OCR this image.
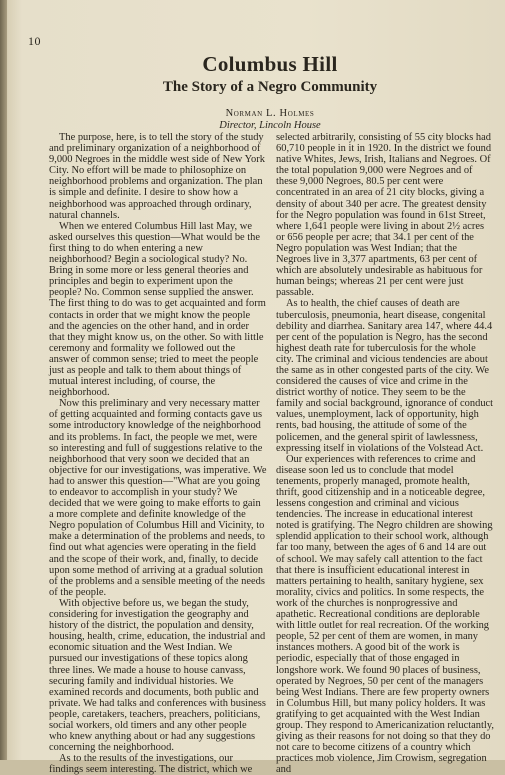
10
Columbus Hill
The Story of a Negro Community
Norman L. Holmes
Director, Lincoln House

The purpose, here, is to tell the story of the study and preliminary organization of a neighborhood of 9,000 Negroes in the middle west side of New York City. No effort will be made to philosophize on neighborhood problems and organization. The plan is simple and definite. I desire to show how a neighborhood was approached through ordinary, natural channels.

When we entered Columbus Hill last May, we asked ourselves this question—What would be the first thing to do when entering a new neighborhood? Begin a sociological study? No. Bring in some more or less general theories and principles and begin to experiment upon the people? No. Common sense supplied the answer. The first thing to do was to get acquainted and form contacts in order that we might know the people and the agencies on the other hand, and in order that they might know us, on the other. So with little ceremony and formality we followed out the answer of common sense; tried to meet the people just as people and talk to them about things of mutual interest including, of course, the neighborhood.

Now this preliminary and very necessary matter of getting acquainted and forming contacts gave us some introductory knowledge of the neighborhood and its problems. In fact, the people we met, were so interesting and full of suggestions relative to the neighborhood that very soon we decided that an objective for our investigations, was imperative. We had to answer this question—"What are you going to endeavor to accomplish in your study? We decided that we were going to make efforts to gain a more complete and definite knowledge of the Negro population of Columbus Hill and Vicinity, to make a determination of the problems and needs, to find out what agencies were operating in the field and the scope of their work, and, finally, to decide upon some method of arriving at a gradual solution of the problems and a sensible meeting of the needs of the people.

With objective before us, we began the study, considering for investigation the geography and history of the district, the population and density, housing, health, crime, education, the industrial and economic situation and the West Indian. We pursued our investigations of these topics along three lines. We made a house to house canvass, securing family and individual histories. We examined records and documents, both public and private. We had talks and conferences with business people, caretakers, teachers, preachers, politicians, social workers, old timers and any other people who knew anything about or had any suggestions concerning the neighborhood.

As to the results of the investigations, our findings seem interesting. The district, which we

selected arbitrarily, consisting of 55 city blocks had 60,710 people in it in 1920. In the district we found native Whites, Jews, Irish, Italians and Negroes. Of the total population 9,000 were Negroes and of these 9,000 Negroes, 80.5 per cent were concentrated in an area of 21 city blocks, giving a density of about 340 per acre. The greatest density for the Negro population was found in 61st Street, where 1,641 people were living in about 2½ acres or 656 people per acre; that 34.1 per cent of the Negro population was West Indian; that the Negroes live in 3,377 apartments, 63 per cent of which are absolutely undesirable as habituous for human beings; whereas 21 per cent were just passable.

As to health, the chief causes of death are tuberculosis, pneumonia, heart disease, congenital debility and diarrhea. Sanitary area 147, where 44.4 per cent of the population is Negro, has the second highest death rate for tuberculosis for the whole city. The criminal and vicious tendencies are about the same as in other congested parts of the city. We considered the causes of vice and crime in the district worthy of notice. They seem to be the family and social background, ignorance of conduct values, unemployment, lack of opportunity, high rents, bad housing, the attitude of some of the policemen, and the general spirit of lawlessness, expressing itself in violations of the Volstead Act.

Our experiences with references to crime and disease soon led us to conclude that model tenements, properly managed, promote health, thrift, good citizenship and in a noticeable degree, lessens congestion and criminal and vicious tendencies. The increase in educational interest noted is gratifying. The Negro children are showing splendid application to their school work, although far too many, between the ages of 6 and 14 are out of school. We may safely call attention to the fact that there is insufficient educational interest in matters pertaining to health, sanitary hygiene, sex morality, civics and politics. In some respects, the work of the churches is nonprogressive and apathetic. Recreational conditions are deplorable with little outlet for real recreation. Of the working people, 52 per cent of them are women, in many instances mothers. A good bit of the work is periodic, especially that of those engaged in longshore work. We found 90 places of business, operated by Negroes, 50 per cent of the managers being West Indians. There are few property owners in Columbus Hill, but many policy holders. It was gratifying to get acquainted with the West Indian group. They respond to Americanization reluctantly, giving as their reasons for not doing so that they do not care to become citizens of a country which practices mob violence, Jim Crowism, segregation and
